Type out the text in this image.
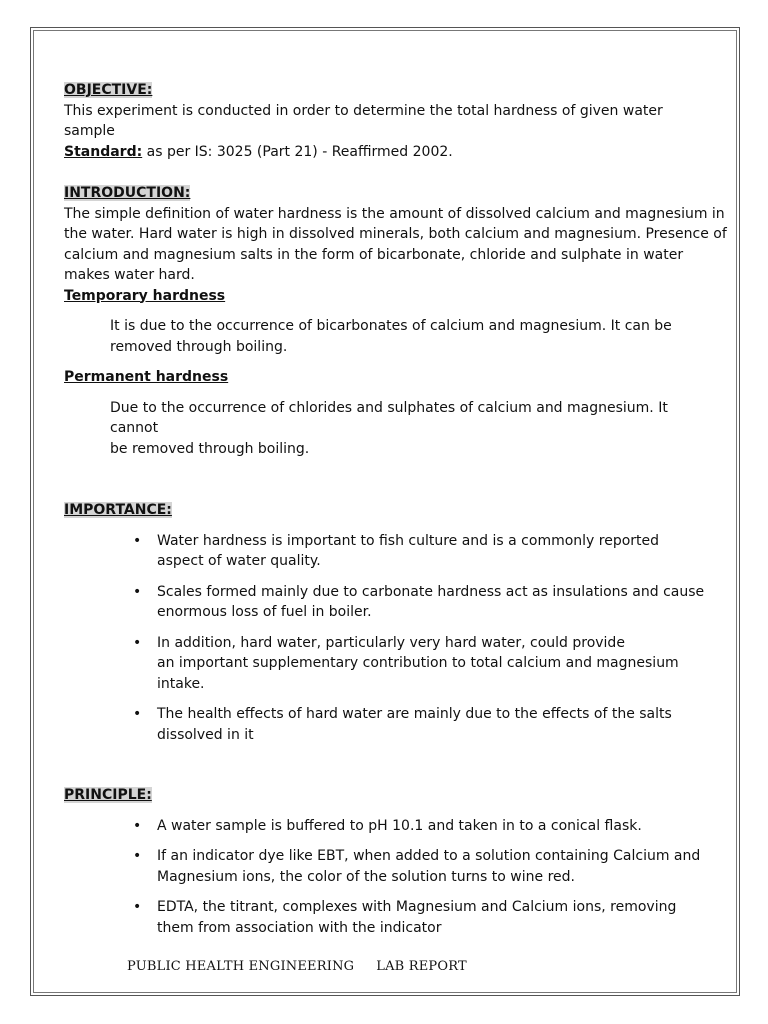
OBJECTIVE:

This experiment is conducted in order to determine the total hardness of given water sample

Standard: as per IS: 3025 (Part 21) - Reaffirmed 2002.

INTRODUCTION:

The simple definition of water hardness is the amount of dissolved calcium and magnesium in the water. Hard water is high in dissolved minerals, both calcium and magnesium. Presence of calcium and magnesium salts in the form of bicarbonate, chloride and sulphate in water makes water hard.

Temporary hardness

It is due to the occurrence of bicarbonates of calcium and magnesium. It can be removed through boiling.

Permanent hardness

Due to the occurrence of chlorides and sulphates of calcium and magnesium. It cannot

be removed through boiling.

IMPORTANCE:

• Water hardness is important to fish culture and is a commonly reported aspect of water quality.
• Scales formed mainly due to carbonate hardness act as insulations and cause enormous loss of fuel in boiler.
• In addition, hard water, particularly very hard water, could provide
an important supplementary contribution to total calcium and magnesium intake.
• The health effects of hard water are mainly due to the effects of the salts dissolved in it

PRINCIPLE:

• A water sample is buffered to pH 10.1 and taken in to a conical flask.
• If an indicator dye like EBT, when added to a solution containing Calcium and Magnesium ions, the color of the solution turns to wine red.
• EDTA, the titrant, complexes with Magnesium and Calcium ions, removing them from association with the indicator
PUBLIC HEALTH ENGINEERING LAB REPORT
